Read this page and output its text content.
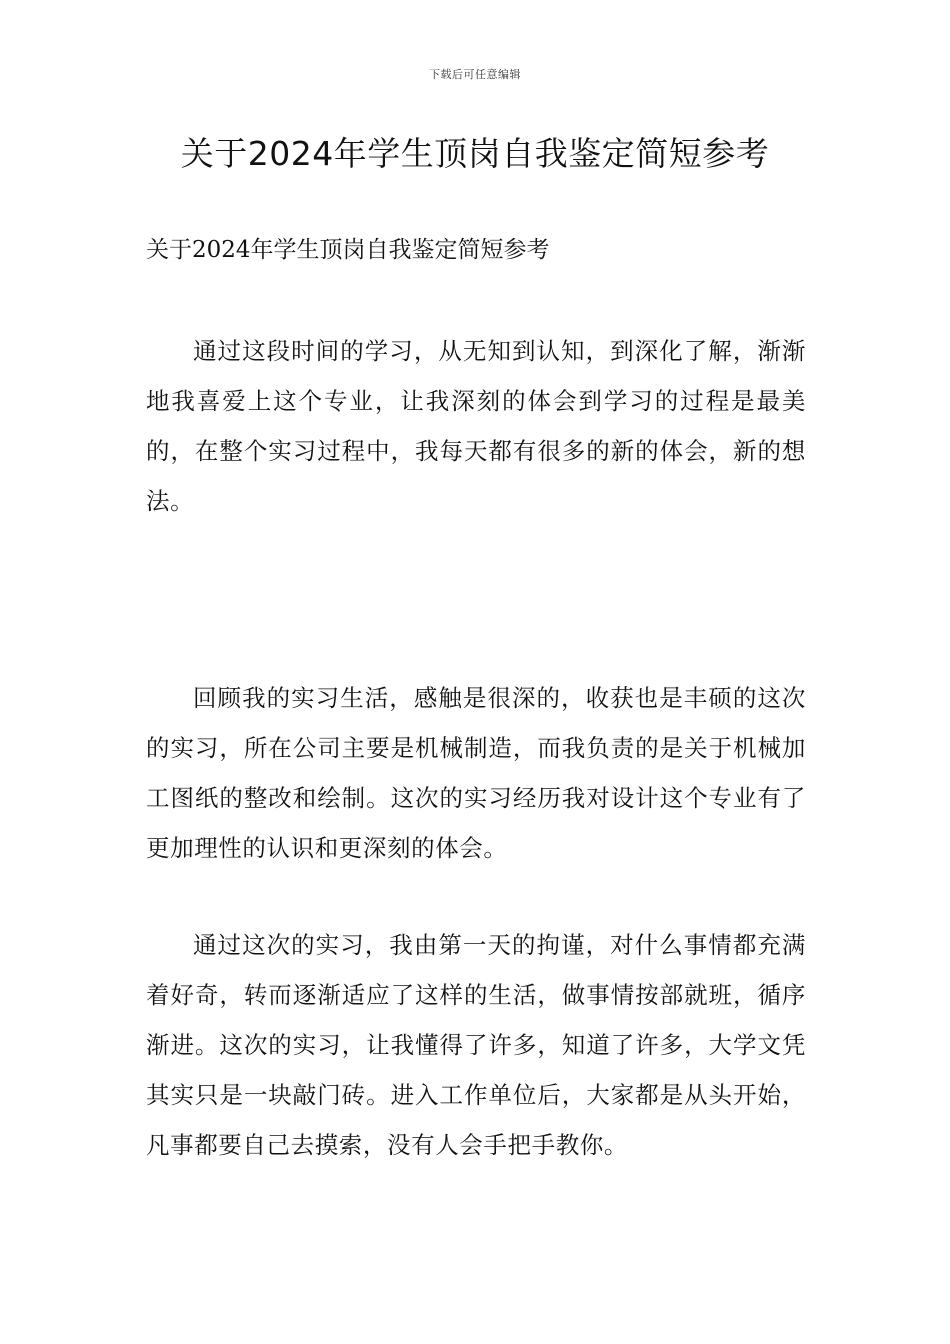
下载后可任意编辑
关于2024年学生顶岗自我鉴定简短参考
关于2024年学生顶岗自我鉴定简短参考

通过这段时间的学习，从无知到认知，到深化了解，渐渐地我喜爱上这个专业，让我深刻的体会到学习的过程是最美的，在整个实习过程中，我每天都有很多的新的体会，新的想法。

回顾我的实习生活，感触是很深的，收获也是丰硕的这次的实习，所在公司主要是机械制造，而我负责的是关于机械加工图纸的整改和绘制。这次的实习经历我对设计这个专业有了更加理性的认识和更深刻的体会。

通过这次的实习，我由第一天的拘谨，对什么事情都充满着好奇，转而逐渐适应了这样的生活，做事情按部就班，循序渐进。这次的实习，让我懂得了许多，知道了许多，大学文凭其实只是一块敲门砖。进入工作单位后，大家都是从头开始，凡事都要自己去摸索，没有人会手把手教你。
